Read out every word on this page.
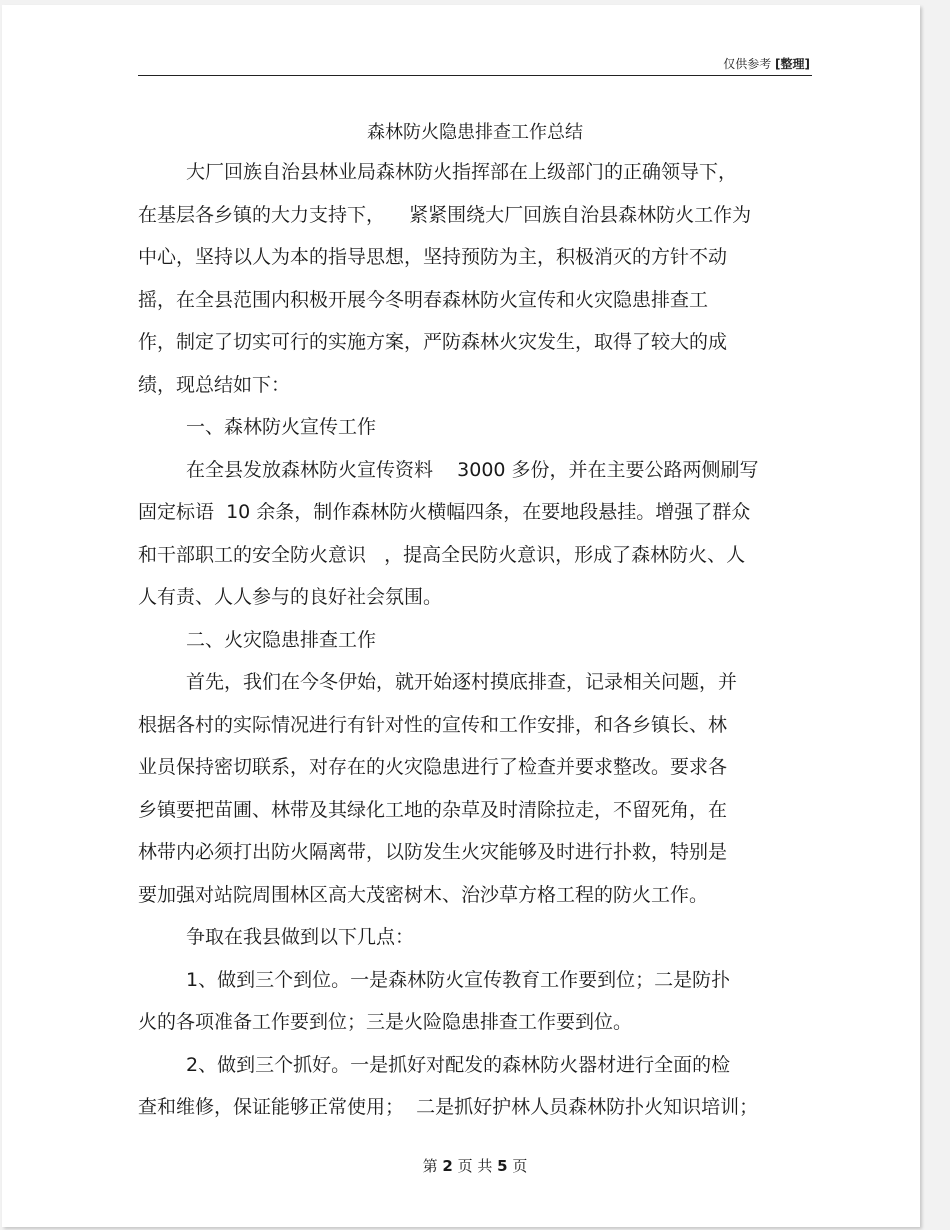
仅供参考 [整理]
森林防火隐患排查工作总结
大厂回族自治县林业局森林防火指挥部在上级部门的正确领导下，
在基层各乡镇的大力支持下，    紧紧围绕大厂回族自治县森林防火工作为
中心，坚持以人为本的指导思想，坚持预防为主，积极消灭的方针不动
摇，在全县范围内积极开展今冬明春森林防火宣传和火灾隐患排查工
作，制定了切实可行的实施方案，严防森林火灾发生，取得了较大的成
绩，现总结如下：
一、森林防火宣传工作
在全县发放森林防火宣传资料    3000 多份，并在主要公路两侧刷写
固定标语  10 余条，制作森林防火横幅四条，在要地段悬挂。增强了群众
和干部职工的安全防火意识   ，提高全民防火意识，形成了森林防火、人
人有责、人人参与的良好社会氛围。
二、火灾隐患排查工作
首先，我们在今冬伊始，就开始逐村摸底排查，记录相关问题，并
根据各村的实际情况进行有针对性的宣传和工作安排，和各乡镇长、林
业员保持密切联系，对存在的火灾隐患进行了检查并要求整改。要求各
乡镇要把苗圃、林带及其绿化工地的杂草及时清除拉走，不留死角，在
林带内必须打出防火隔离带，以防发生火灾能够及时进行扑救，特别是
要加强对站院周围林区高大茂密树木、治沙草方格工程的防火工作。
争取在我县做到以下几点：
1、做到三个到位。一是森林防火宣传教育工作要到位；二是防扑
火的各项准备工作要到位；三是火险隐患排查工作要到位。
2、做到三个抓好。一是抓好对配发的森林防火器材进行全面的检
查和维修，保证能够正常使用；  二是抓好护林人员森林防扑火知识培训；
第 2 页 共 5 页
